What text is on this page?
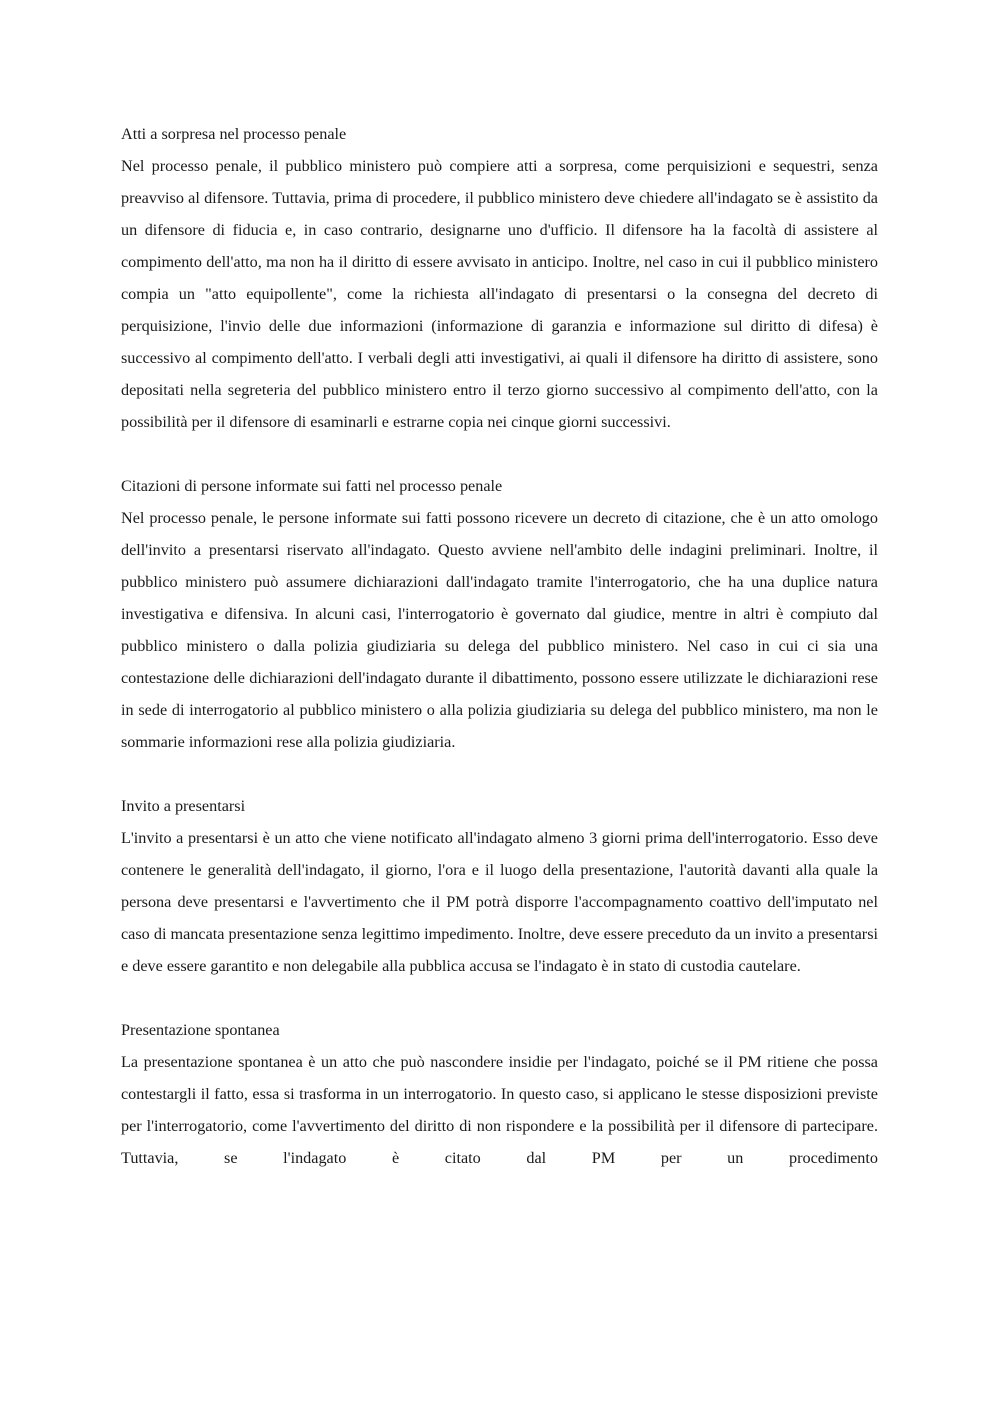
Atti a sorpresa nel processo penale

Nel processo penale, il pubblico ministero può compiere atti a sorpresa, come perquisizioni e sequestri, senza preavviso al difensore. Tuttavia, prima di procedere, il pubblico ministero deve chiedere all'indagato se è assistito da un difensore di fiducia e, in caso contrario, designarne uno d'ufficio. Il difensore ha la facoltà di assistere al compimento dell'atto, ma non ha il diritto di essere avvisato in anticipo. Inoltre, nel caso in cui il pubblico ministero compia un "atto equipollente", come la richiesta all'indagato di presentarsi o la consegna del decreto di perquisizione, l'invio delle due informazioni (informazione di garanzia e informazione sul diritto di difesa) è successivo al compimento dell'atto. I verbali degli atti investigativi, ai quali il difensore ha diritto di assistere, sono depositati nella segreteria del pubblico ministero entro il terzo giorno successivo al compimento dell'atto, con la possibilità per il difensore di esaminarli e estrarne copia nei cinque giorni successivi.

Citazioni di persone informate sui fatti nel processo penale

Nel processo penale, le persone informate sui fatti possono ricevere un decreto di citazione, che è un atto omologo dell'invito a presentarsi riservato all'indagato. Questo avviene nell'ambito delle indagini preliminari. Inoltre, il pubblico ministero può assumere dichiarazioni dall'indagato tramite l'interrogatorio, che ha una duplice natura investigativa e difensiva. In alcuni casi, l'interrogatorio è governato dal giudice, mentre in altri è compiuto dal pubblico ministero o dalla polizia giudiziaria su delega del pubblico ministero. Nel caso in cui ci sia una contestazione delle dichiarazioni dell'indagato durante il dibattimento, possono essere utilizzate le dichiarazioni rese in sede di interrogatorio al pubblico ministero o alla polizia giudiziaria su delega del pubblico ministero, ma non le sommarie informazioni rese alla polizia giudiziaria.

Invito a presentarsi

L'invito a presentarsi è un atto che viene notificato all'indagato almeno 3 giorni prima dell'interrogatorio. Esso deve contenere le generalità dell'indagato, il giorno, l'ora e il luogo della presentazione, l'autorità davanti alla quale la persona deve presentarsi e l'avvertimento che il PM potrà disporre l'accompagnamento coattivo dell'imputato nel caso di mancata presentazione senza legittimo impedimento. Inoltre, deve essere preceduto da un invito a presentarsi e deve essere garantito e non delegabile alla pubblica accusa se l'indagato è in stato di custodia cautelare.

Presentazione spontanea

La presentazione spontanea è un atto che può nascondere insidie per l'indagato, poiché se il PM ritiene che possa contestargli il fatto, essa si trasforma in un interrogatorio. In questo caso, si applicano le stesse disposizioni previste per l'interrogatorio, come l'avvertimento del diritto di non rispondere e la possibilità per il difensore di partecipare. Tuttavia, se l'indagato è citato dal PM per un procedimento
